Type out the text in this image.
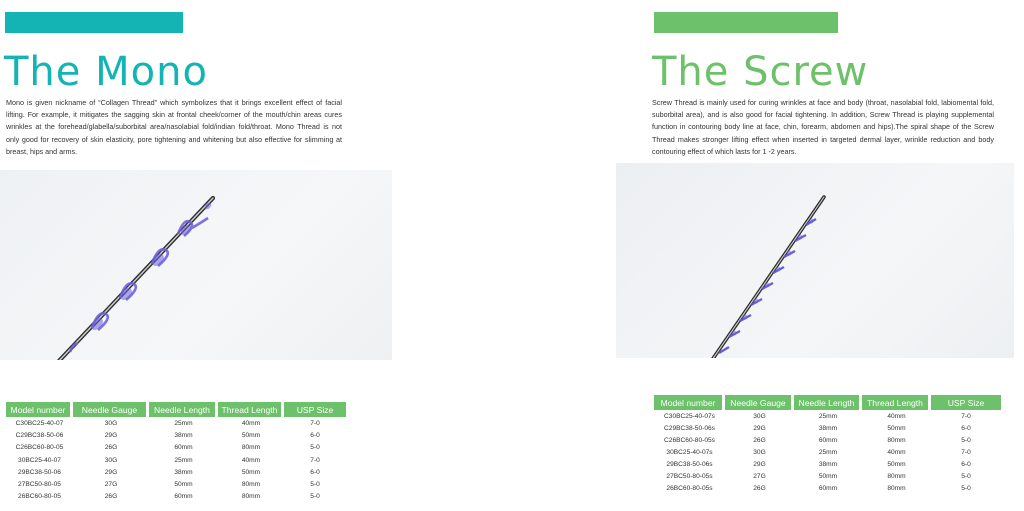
The Mono

Mono is given nickname of “Collagen Thread” which symbolizes that it brings excellent effect of facial lifting. For example, it mitigates the sagging skin at frontal cheek/corner of the mouth/chin areas cures wrinkles at the forehead/glabella/suborbital area/nasolabial fold/indian fold/throat. Mono Thread is not only good for recovery of skin elasticity, pore tightening and whitening but also effective for slimming at breast, hips and arms.

Model number	Needle Gauge	Needle Length	Thread Length	USP Size
C30BC25-40-07	30G	25mm	40mm	7-0
C29BC38-50-06	29G	38mm	50mm	6-0
C26BC60-80-05	26G	60mm	80mm	5-0
30BC25-40-07	30G	25mm	40mm	7-0
29BC38-50-06	29G	38mm	50mm	6-0
27BC50-80-05	27G	50mm	80mm	5-0
26BC60-80-05	26G	60mm	80mm	5-0
The Screw

Screw Thread is mainly used for curing wrinkles at face and body (throat, nasolabial fold, labiomental fold, suborbital area), and is also good for facial tightening. In addition, Screw Thread is playing supplemental function in contouring body line at face, chin, forearm, abdomen and hips).The spiral shape of the Screw Thread makes stronger lifting effect when inserted in targeted dermal layer, wrinkle reduction and body contouring effect of which lasts for 1 -2 years.

Model number	Needle Gauge	Needle Length	Thread Length	USP Size
C30BC25-40-07s	30G	25mm	40mm	7-0
C29BC38-50-06s	29G	38mm	50mm	6-0
C26BC60-80-05s	26G	60mm	80mm	5-0
30BC25-40-07s	30G	25mm	40mm	7-0
29BC38-50-06s	29G	38mm	50mm	6-0
27BC50-80-05s	27G	50mm	80mm	5-0
26BC60-80-05s	26G	60mm	80mm	5-0
